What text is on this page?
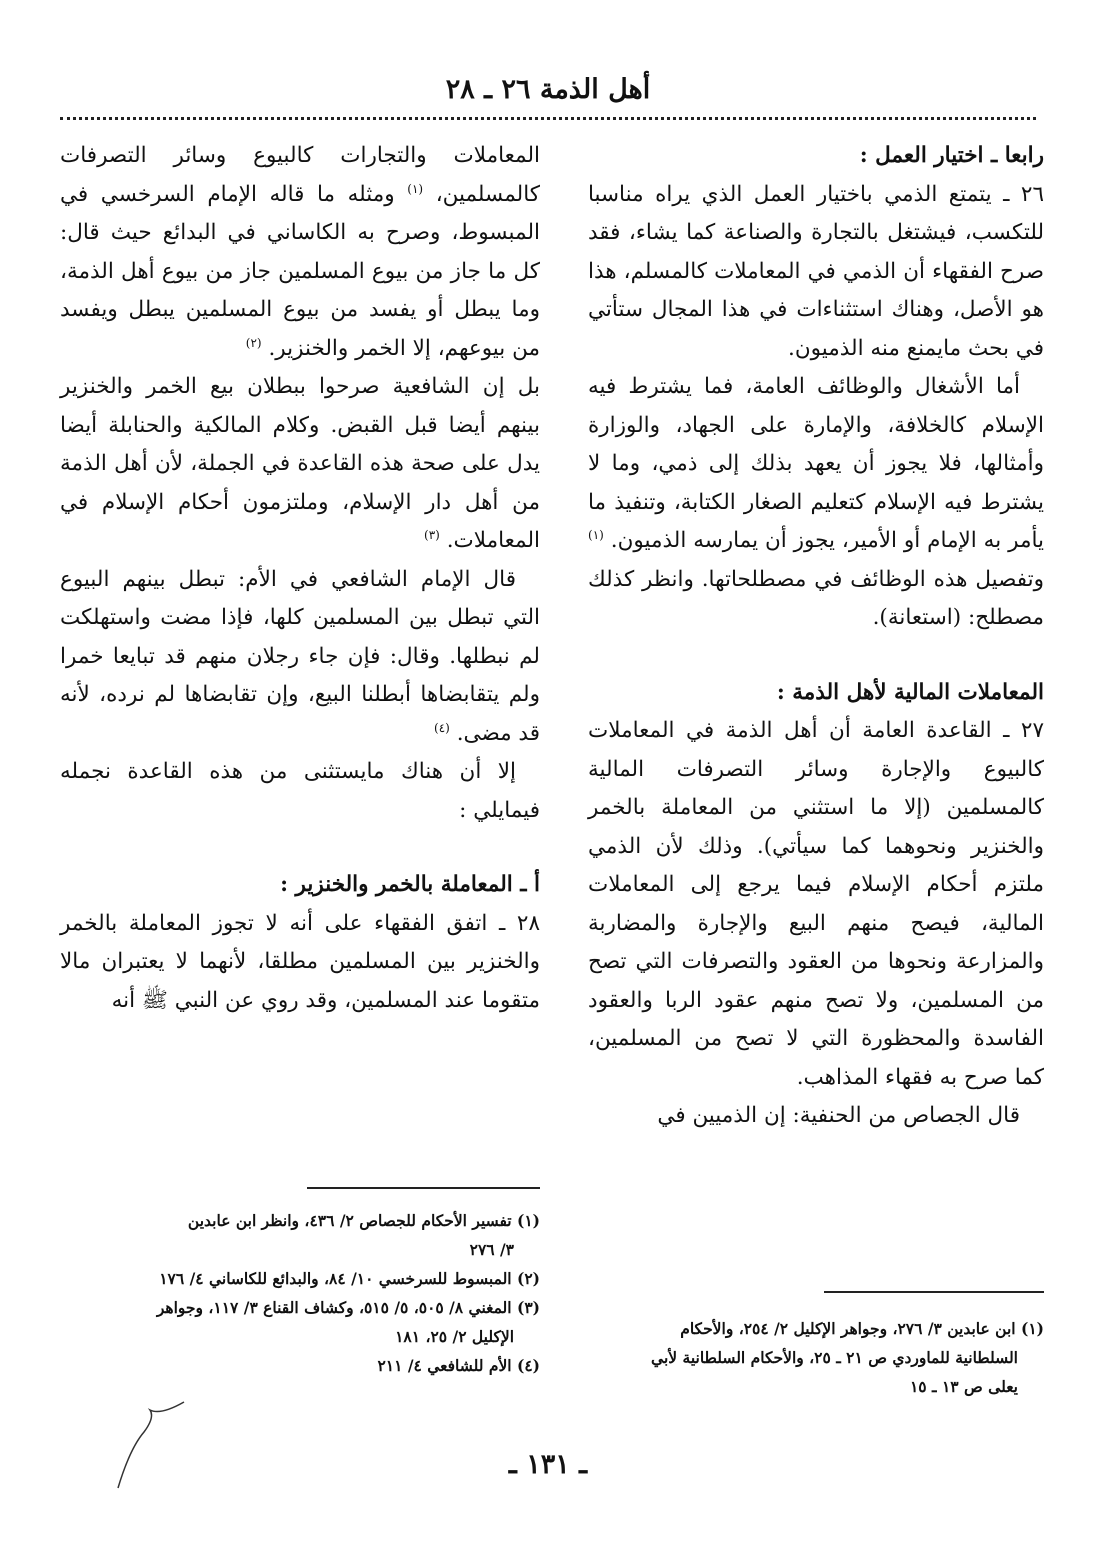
أهل الذمة ٢٦ ـ ٢٨

رابعا ـ اختيار العمل :

٢٦ ـ يتمتع الذمي باختيار العمل الذي يراه مناسبا للتكسب، فيشتغل بالتجارة والصناعة كما يشاء، فقد صرح الفقهاء أن الذمي في المعاملات كالمسلم، هذا هو الأصل، وهناك استثناءات في هذا المجال ستأتي في بحث مايمنع منه الذميون.

أما الأشغال والوظائف العامة، فما يشترط فيه الإسلام كالخلافة، والإمارة على الجهاد، والوزارة وأمثالها، فلا يجوز أن يعهد بذلك إلى ذمي، وما لا يشترط فيه الإسلام كتعليم الصغار الكتابة، وتنفيذ ما يأمر به الإمام أو الأمير، يجوز أن يمارسه الذميون. $^{(١)}$ وتفصيل هذه الوظائف في مصطلحاتها. وانظر كذلك مصطلح: (استعانة).

المعاملات المالية لأهل الذمة :

٢٧ ـ القاعدة العامة أن أهل الذمة في المعاملات كالبيوع والإجارة وسائر التصرفات المالية كالمسلمين (إلا ما استثني من المعاملة بالخمر والخنزير ونحوهما كما سيأتي). وذلك لأن الذمي ملتزم أحكام الإسلام فيما يرجع إلى المعاملات المالية، فيصح منهم البيع والإجارة والمضاربة والمزارعة ونحوها من العقود والتصرفات التي تصح من المسلمين، ولا تصح منهم عقود الربا والعقود الفاسدة والمحظورة التي لا تصح من المسلمين، كما صرح به فقهاء المذاهب.

قال الجصاص من الحنفية: إن الذميين في

المعاملات والتجارات كالبيوع وسائر التصرفات كالمسلمين، $^{(١)}$ ومثله ما قاله الإمام السرخسي في المبسوط، وصرح به الكاساني في البدائع حيث قال: كل ما جاز من بيوع المسلمين جاز من بيوع أهل الذمة، وما يبطل أو يفسد من بيوع المسلمين يبطل ويفسد من بيوعهم، إلا الخمر والخنزير. $^{(٢)}$

بل إن الشافعية صرحوا ببطلان بيع الخمر والخنزير بينهم أيضا قبل القبض. وكلام المالكية والحنابلة أيضا يدل على صحة هذه القاعدة في الجملة، لأن أهل الذمة من أهل دار الإسلام، وملتزمون أحكام الإسلام في المعاملات. $^{(٣)}$

قال الإمام الشافعي في الأم: تبطل بينهم البيوع التي تبطل بين المسلمين كلها، فإذا مضت واستهلكت لم نبطلها. وقال: فإن جاء رجلان منهم قد تبايعا خمرا ولم يتقابضاها أبطلنا البيع، وإن تقابضاها لم نرده، لأنه قد مضى. $^{(٤)}$

إلا أن هناك مايستثنى من هذه القاعدة نجمله فيمايلي :

أ ـ المعاملة بالخمر والخنزير :

٢٨ ـ اتفق الفقهاء على أنه لا تجوز المعاملة بالخمر والخنزير بين المسلمين مطلقا، لأنهما لا يعتبران مالا متقوما عند المسلمين، وقد روي عن النبي ﷺ أنه

(١) ابن عابدين ٣/ ٢٧٦، وجواهر الإكليل ٢/ ٢٥٤، والأحكام

السلطانية للماوردي ص ٢١ ـ ٢٥، والأحكام السلطانية لأبي

يعلى ص ١٣ ـ ١٥

(١) تفسير الأحكام للجصاص ٢/ ٤٣٦، وانظر ابن عابدين

٣/ ٢٧٦

(٢) المبسوط للسرخسي ١٠/ ٨٤، والبدائع للكاساني ٤/ ١٧٦

(٣) المغني ٨/ ٥٠٥، ٥/ ٥١٥، وكشاف القناع ٣/ ١١٧، وجواهر

الإكليل ٢/ ٢٥، ١٨١

(٤) الأم للشافعي ٤/ ٢١١

ـ ١٣١ ـ
